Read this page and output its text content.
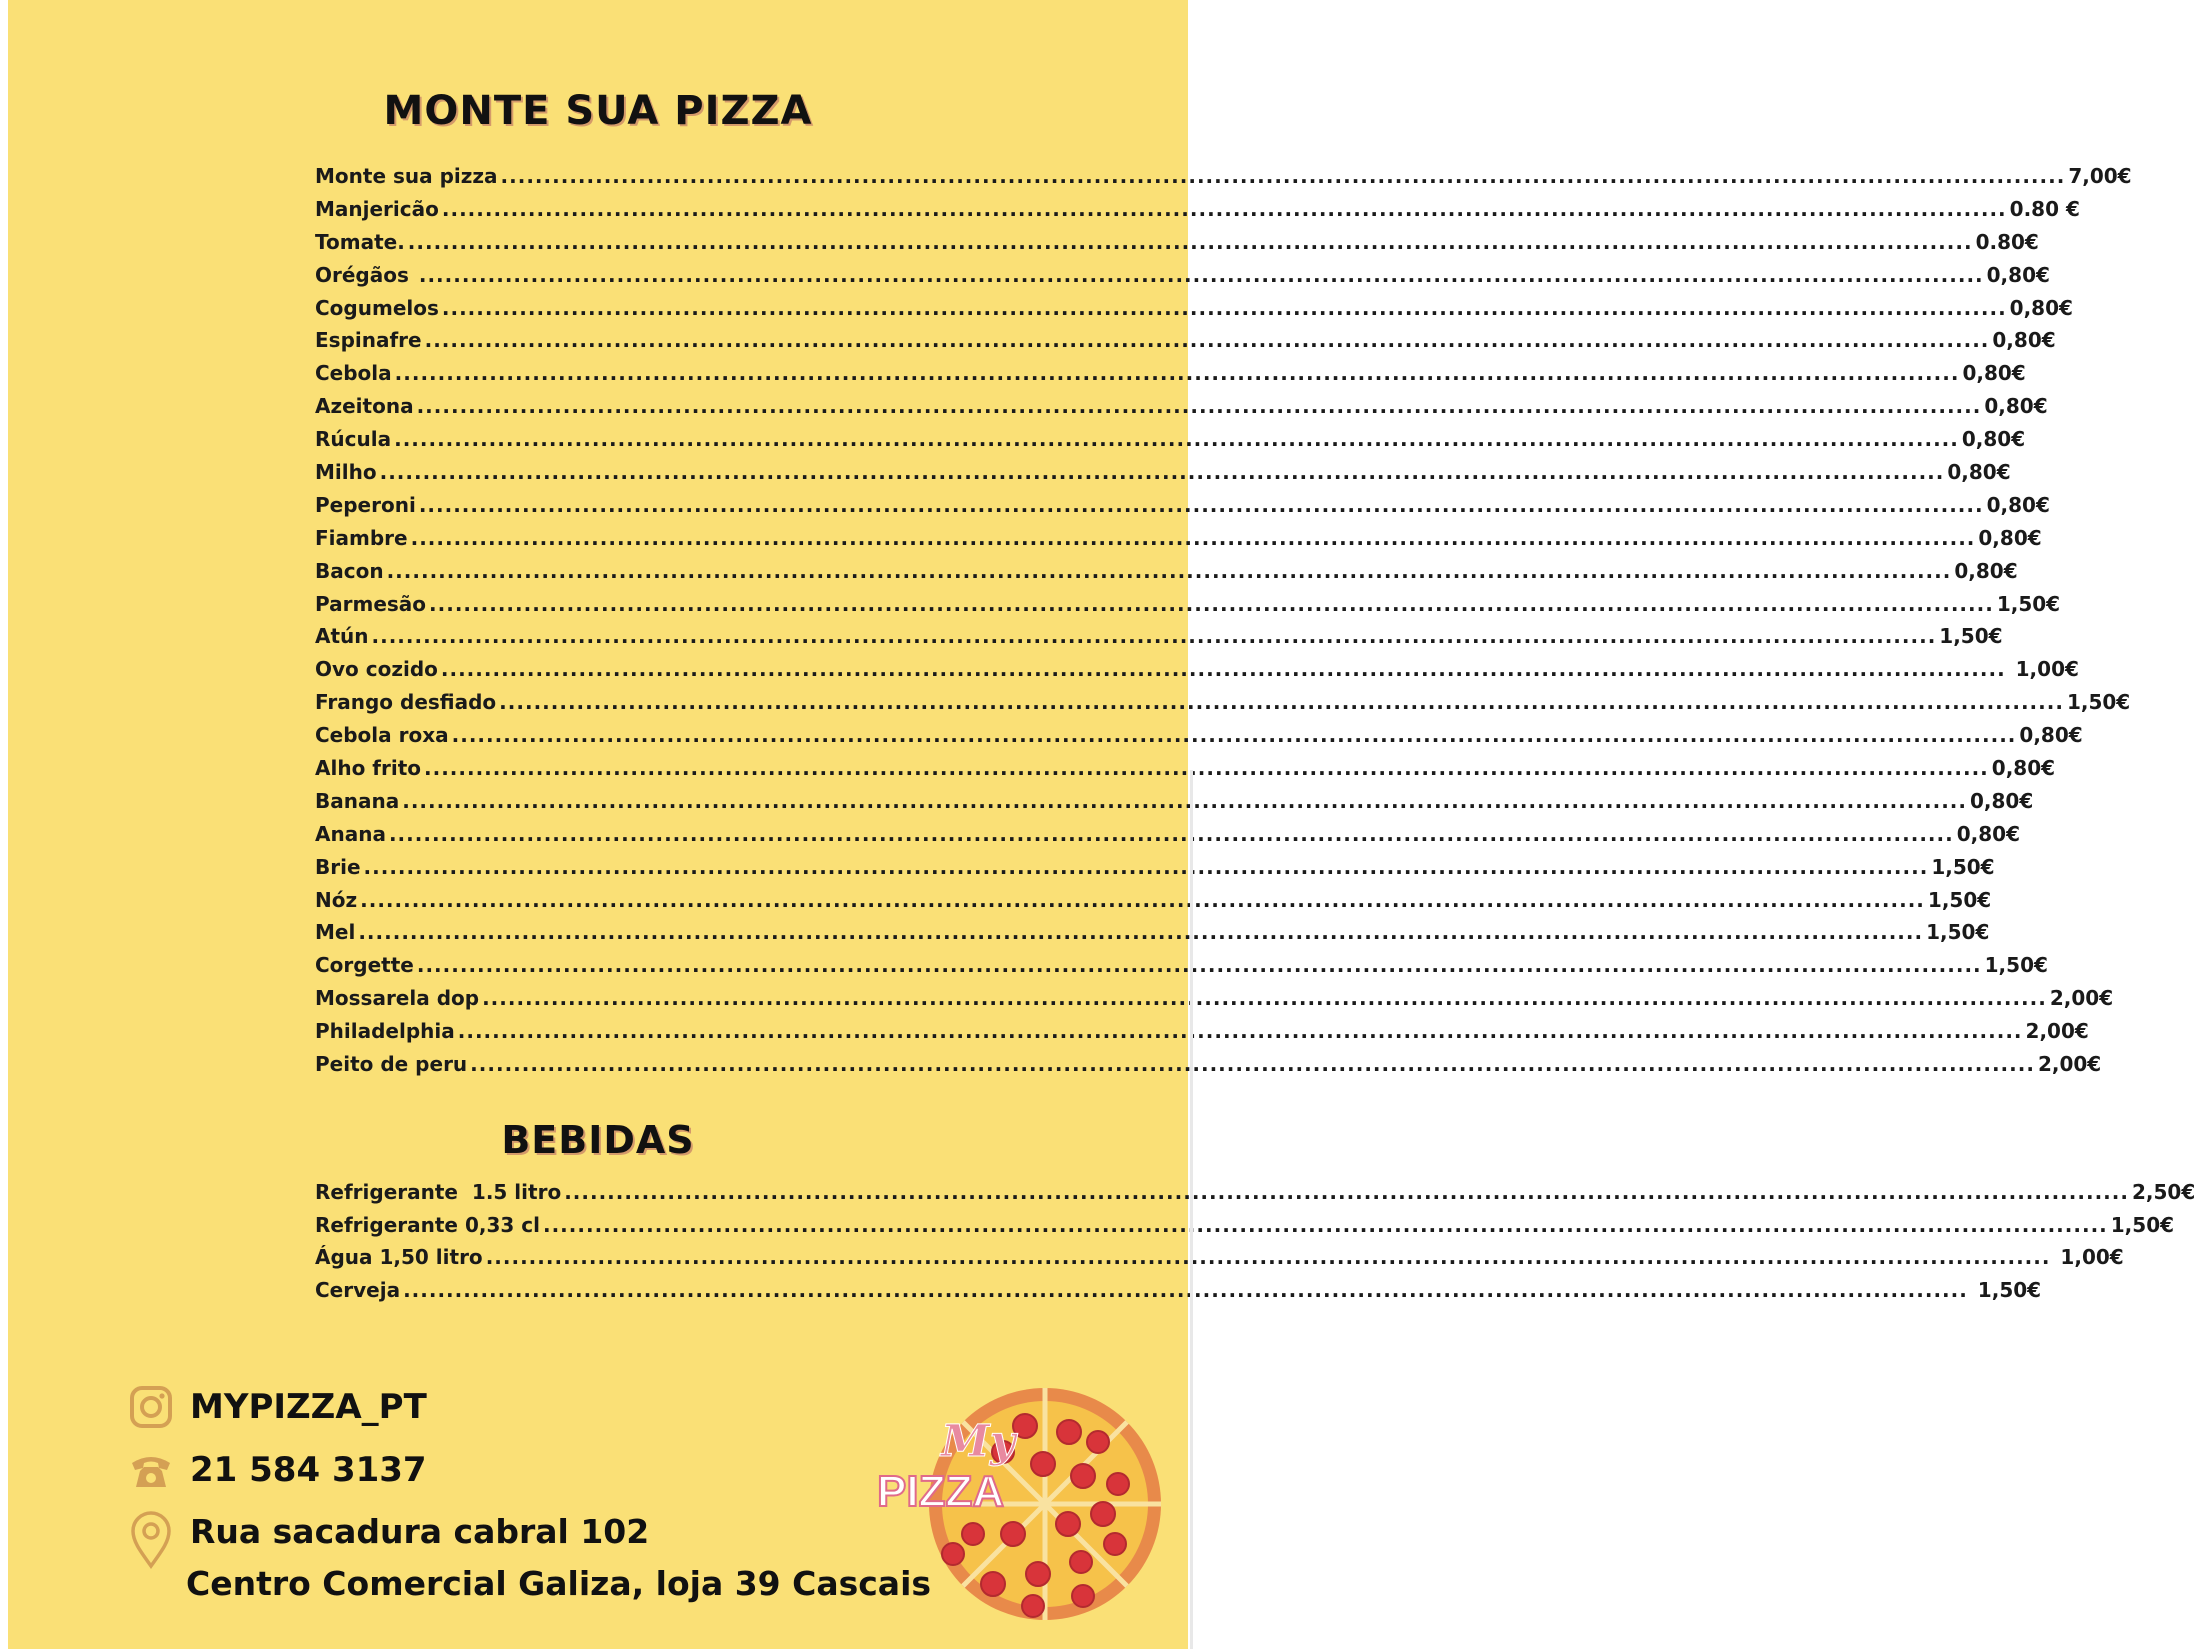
MONTE SUA PIZZA
Monte sua pizza .....	7,00€
Manjericão .....	0.80 €
Tomate. .....	0.80€
Orégãos .....	0,80€
Cogumelos .....	0,80€
Espinafre .....	0,80€
Cebola .....	0,80€
Azeitona .....	0,80€
Rúcula .....	0,80€
Milho .....	0,80€
Peperoni .....	0,80€
Fiambre .....	0,80€
Bacon .....	0,80€
Parmesão .....	1,50€
Atún .....	1,50€
Ovo cozido .....	1,00€
Frango desfiado .....	1,50€
Cebola roxa .....	0,80€
Alho frito .....	0,80€
Banana .....	0,80€
Anana .....	0,80€
Brie .....	1,50€
Nóz .....	1,50€
Mel .....	1,50€
Corgette .....	1,50€
Mossarela dop .....	2,00€
Philadelphia .....	2,00€
Peito de peru .....	2,00€
BEBIDAS
Refrigerante  1.5 litro .....	2,50€
Refrigerante 0,33 cl .....	1,50€
Água 1,50 litro .....	1,00€
Cerveja .....	1,50€
MYPIZZA_PT
21 584 3137
Rua sacadura cabral 102
Centro Comercial Galiza, loja 39 Cascais
My
PIZZA
